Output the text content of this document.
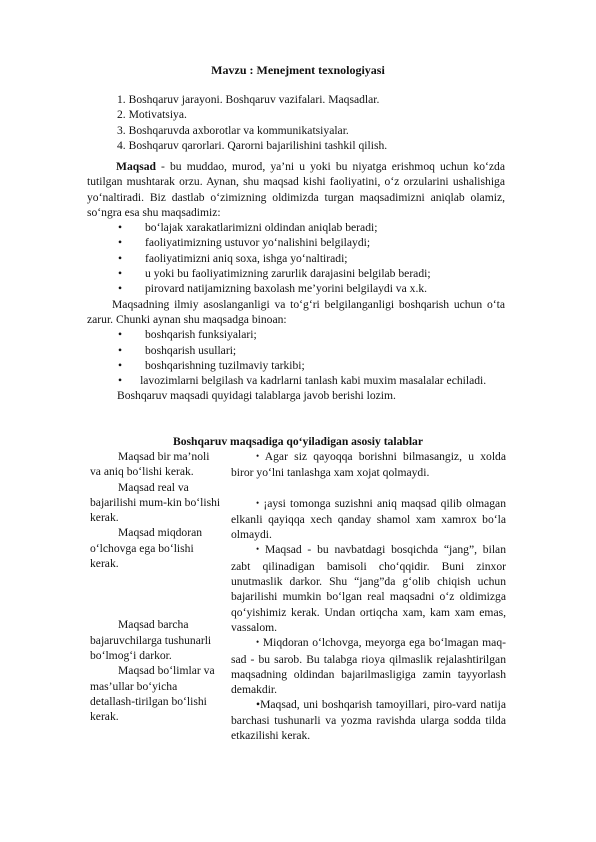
Mavzu : Menejment texnologiyasi
1. Boshqaruv jarayoni. Boshqaruv vazifalari. Maqsadlar.
2. Motivatsiya.
3. Boshqaruvda axborotlar va kommunikatsiyalar.
4. Boshqaruv qarorlari. Qarorni bajarilishini tashkil qilish.

Maqsad - bu muddao, murod, ya’ni u yoki bu niyatga erishmoq uchun ko‘zda tutilgan mushtarak orzu. Aynan, shu maqsad kishi faoliyatini, o‘z orzularini ushalishiga yo‘naltiradi. Biz dastlab o‘zimizning oldimizda turgan maqsadimizni aniqlab olamiz, so‘ngra esa shu maqsadimiz:

• bo‘lajak xarakatlarimizni oldindan aniqlab beradi;
• faoliyatimizning ustuvor yo‘nalishini belgilaydi;
• faoliyatimizni aniq soxa, ishga yo‘naltiradi;
• u yoki bu faoliyatimizning zarurlik darajasini belgilab beradi;
• pirovard natijamizning baxolash me’yorini belgilaydi va x.k.

Maqsadning ilmiy asoslanganligi va to‘g‘ri belgilanganligi boshqarish uchun o‘ta zarur. Chunki aynan shu maqsadga binoan:

• boshqarish funksiyalari;
• boshqarish usullari;
• boshqarishning tuzilmaviy tarkibi;

• lavozimlarni belgilash va kadrlarni tanlash kabi muxim masalalar echiladi.

Boshqaruv maqsadi quyidagi talablarga javob berishi lozim.

Boshqaruv maqsadiga qo‘yiladigan asosiy talablar

Maqsad bir ma’noli va aniq bo‘lishi kerak.

Maqsad real va bajarilishi mum-kin bo‘lishi kerak.

Maqsad miqdoran o‘lchovga ega bo‘lishi kerak.

Maqsad barcha bajaruvchilarga tushunarli bo‘lmog‘i darkor.

Maqsad bo‘limlar va mas’ullar bo‘yicha detallash-tirilgan bo‘lishi kerak.

• Agar siz qayoqqa borishni bilmasangiz, u xolda biror yo‘lni tanlashga xam xojat qolmaydi.

• ¡aysi tomonga suzishni aniq maqsad qilib olmagan elkanli qayiqqa xech qanday shamol xam xamrox bo‘la olmaydi.

• Maqsad - bu navbatdagi bosqichda “jang”, bilan zabt qilinadigan bamisoli cho‘qqidir. Buni zinxor unutmaslik darkor. Shu “jang”da g‘olib chiqish uchun bajarilishi mumkin bo‘lgan real maqsadni o‘z oldimizga qo‘yishimiz kerak. Undan ortiqcha xam, kam xam emas, vassalom.

• Miqdoran o‘lchovga, meyorga ega bo‘lmagan maq-sad - bu sarob. Bu talabga rioya qilmaslik rejalashtirilgan maqsadning oldindan bajarilmasligiga zamin tayyorlash demakdir.

•Maqsad, uni boshqarish tamoyillari, piro-vard natija barchasi tushunarli va yozma ravishda ularga sodda tilda etkazilishi kerak.
